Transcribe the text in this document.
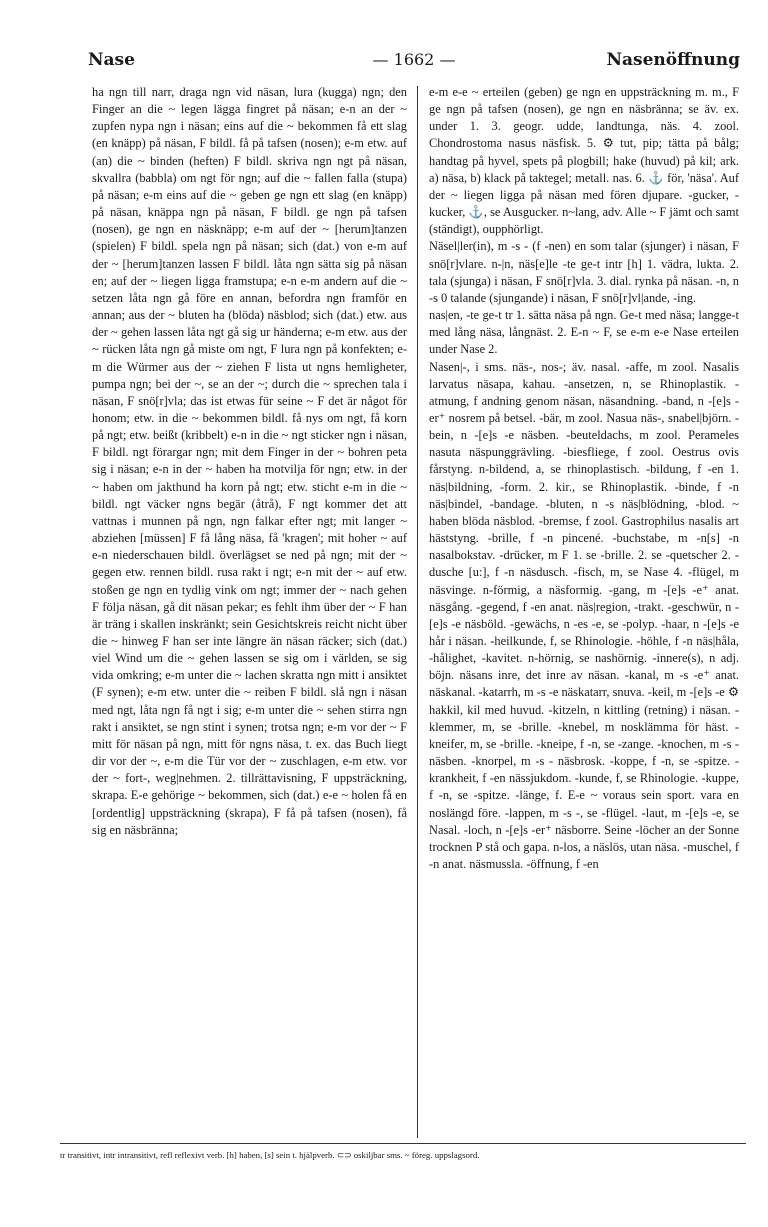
Nase	— 1662 —	Nasenöffnung

ha ngn till narr, draga ngn vid näsan, lura (kugga) ngn; den Finger an die ~ legen lägga fingret på näsan; e-n an der ~ zupfen nypa ngn i näsan; eins auf die ~ bekommen få ett slag (en knäpp) på näsan, F bildl. få på tafsen (nosen); e-m etw. auf (an) die ~ binden (heften) F bildl. skriva ngn ngt på näsan, skvallra (babbla) om ngt för ngn; auf die ~ fallen falla (stupa) på näsan; e-m eins auf die ~ geben ge ngn ett slag (en knäpp) på näsan, knäppa ngn på näsan, F bildl. ge ngn på tafsen (nosen), ge ngn en näsknäpp; e-m auf der ~ [herum]tanzen (spielen) F bildl. spela ngn på näsan; sich (dat.) von e-m auf der ~ [herum]tanzen lassen F bildl. låta ngn sätta sig på näsan en; auf der ~ liegen ligga framstupa; e-n e-m andern auf die ~ setzen låta ngn gå före en annan, befordra ngn framför en annan; aus der ~ bluten ha (blöda) näsblod; sich (dat.) etw. aus der ~ gehen lassen låta ngt gå sig ur händerna; e-m etw. aus der ~ rücken låta ngn gå miste om ngt, F lura ngn på konfekten; e-m die Würmer aus der ~ ziehen F lista ut ngns hemligheter, pumpa ngn; bei der ~, se an der ~; durch die ~ sprechen tala i näsan, F snö[r]vla; das ist etwas für seine ~ F det är något för honom; etw. in die ~ bekommen bildl. få nys om ngt, få korn på ngt; etw. beißt (kribbelt) e-n in die ~ ngt sticker ngn i näsan, F bildl. ngt förargar ngn; mit dem Finger in der ~ bohren peta sig i näsan; e-n in der ~ haben ha motvilja för ngn; etw. in der ~ haben om jakthund ha korn på ngt; etw. sticht e-m in die ~ bildl. ngt väcker ngns begär (åtrå), F ngt kommer det att vattnas i munnen på ngn, ngn falkar efter ngt; mit langer ~ abziehen [müssen] F få lång näsa, få 'kragen'; mit hoher ~ auf e-n niederschauen bildl. överlägset se ned på ngn; mit der ~ gegen etw. rennen bildl. rusa rakt i ngt; e-n mit der ~ auf etw. stoßen ge ngn en tydlig vink om ngt; immer der ~ nach gehen F följa näsan, gå dit näsan pekar; es fehlt ihm über der ~ F han är träng i skallen inskränkt; sein Gesichtskreis reicht nicht über die ~ hinweg F han ser inte längre än näsan räcker; sich (dat.) viel Wind um die ~ gehen lassen se sig om i världen, se sig vida omkring; e-m unter die ~ lachen skratta ngn mitt i ansiktet (F synen); e-m etw. unter die ~ reiben F bildl. slå ngn i näsan med ngt, låta ngn få ngt i sig; e-m unter die ~ sehen stirra ngn rakt i ansiktet, se ngn stint i synen; trotsa ngn; e-m vor der ~ F mitt för näsan på ngn, mitt för ngns näsa, t. ex. das Buch liegt dir vor der ~, e-m die Tür vor der ~ zuschlagen, e-m etw. vor der ~ fort-, weg|nehmen. 2. tillrättavisning, F uppsträckning, skrapa. E-e gehörige ~ bekommen, sich (dat.) e-e ~ holen få en [ordentlig] uppsträckning (skrapa), F få på tafsen (nosen), få sig en näsbränna;

e-m e-e ~ erteilen (geben) ge ngn en uppsträckning m. m., F ge ngn på tafsen (nosen), ge ngn en näsbränna; se äv. ex. under 1. 3. geogr. udde, landtunga, näs. 4. zool. Chondrostoma nasus näsfisk. 5. ⚙ tut, pip; tätta på bålg; handtag på hyvel, spets på plogbill; hake (huvud) på kil; ark. a) näsa, b) klack på taktegel; metall. nas. 6. ⚓ för, 'näsa'. Auf der ~ liegen ligga på näsan med fören djupare. -gucker, -kucker, ⚓, se Ausgucker. n~lang, adv. Alle ~ F jämt och samt (ständigt), oupphörligt.

Näsel|ler(in), m -s - (f -nen) en som talar (sjunger) i näsan, F snö[r]vlare. n-|n, näs[e]le -te ge-t intr [h] 1. vädra, lukta. 2. tala (sjunga) i näsan, F snö[r]vla. 3. dial. rynka på näsan. -n, n -s 0 talande (sjungande) i näsan, F snö[r]vl|ande, -ing.

nas|en, -te ge-t tr 1. sätta näsa på ngn. Ge-t med näsa; langge-t med lång näsa, långnäst. 2. E-n ~ F, se e-m e-e Nase erteilen under Nase 2.

Nasen|-, i sms. näs-, nos-; äv. nasal. -affe, m zool. Nasalis larvatus näsapa, kahau. -ansetzen, n, se Rhinoplastik. -atmung, f andning genom näsan, näsandning. -band, n -[e]s -er⁺ nosrem på betsel. -bär, m zool. Nasua näs-, snabel|björn. -bein, n -[e]s -e näsben. -beuteldachs, m zool. Perameles nasuta näspunggrävling. -biesfliege, f zool. Oestrus ovis fårstyng. n-bildend, a, se rhinoplastisch. -bildung, f -en 1. näs|bildning, -form. 2. kir., se Rhinoplastik. -binde, f -n näs|bindel, -bandage. -bluten, n -s näs|blödning, -blod. ~ haben blöda näsblod. -bremse, f zool. Gastrophilus nasalis art häststyng. -brille, f -n pincené. -buchstabe, m -n[s] -n nasalbokstav. -drücker, m F 1. se -brille. 2. se -quetscher 2. -dusche [u:], f -n näsdusch. -fisch, m, se Nase 4. -flügel, m näsvinge. n-förmig, a näsformig. -gang, m -[e]s -e⁺ anat. näsgång. -gegend, f -en anat. näs|region, -trakt. -geschwür, n -[e]s -e näsböld. -gewächs, n -es -e, se -polyp. -haar, n -[e]s -e hår i näsan. -heilkunde, f, se Rhinologie. -höhle, f -n näs|håla, -hålighet, -kavitet. n-hörnig, se nashörnig. -innere(s), n adj. böjn. näsans inre, det inre av näsan. -kanal, m -s -e⁺ anat. näskanal. -katarrh, m -s -e näskatarr, snuva. -keil, m -[e]s -e ⚙ hakkil, kil med huvud. -kitzeln, n kittling (retning) i näsan. -klemmer, m, se -brille. -knebel, m nosklämma för häst. -kneifer, m, se -brille. -kneipe, f -n, se -zange. -knochen, m -s - näsben. -knorpel, m -s - näsbrosk. -koppe, f -n, se -spitze. -krankheit, f -en nässjukdom. -kunde, f, se Rhinologie. -kuppe, f -n, se -spitze. -länge, f. E-e ~ voraus sein sport. vara en noslängd före. -lappen, m -s -, se -flügel. -laut, m -[e]s -e, se Nasal. -loch, n -[e]s -er⁺ näsborre. Seine -löcher an der Sonne trocknen P stå och gapa. n-los, a näslös, utan näsa. -muschel, f -n anat. näsmussla. -öffnung, f -en

tr transitivt, intr intransitivt, refl reflexivt verb. [h] haben, [s] sein t. hjälpverb. ⊂⊃ oskiljbar sms. ~ föreg. uppslagsord.
